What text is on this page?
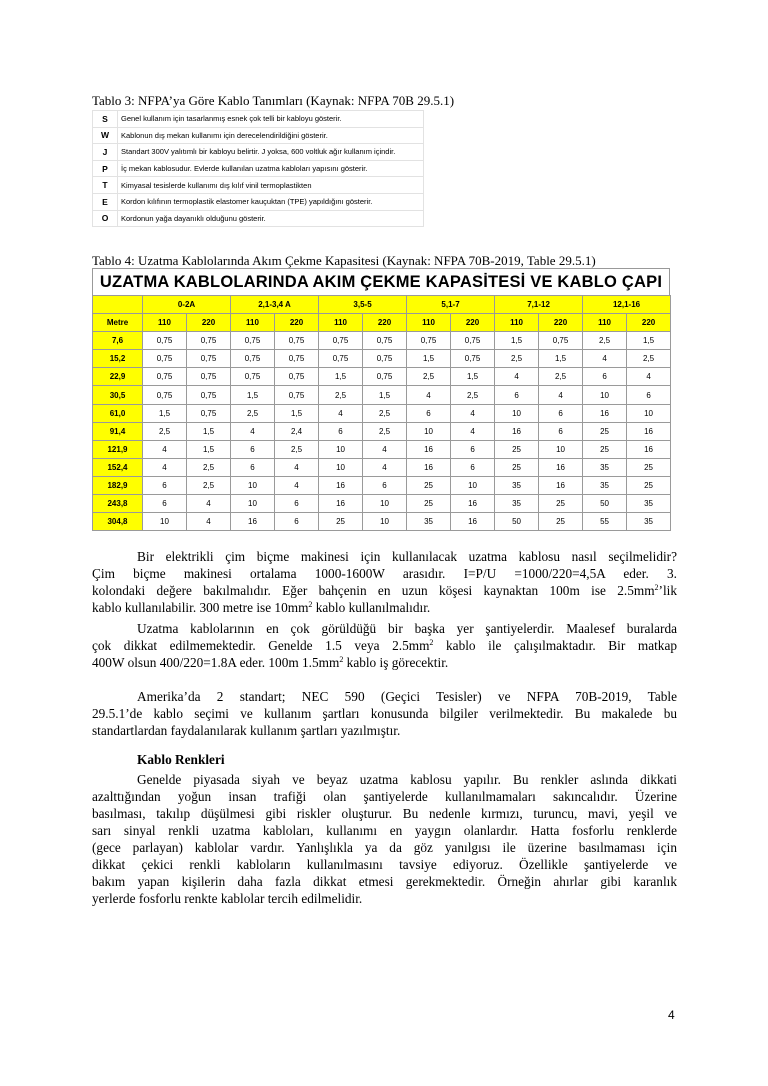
Tablo 3: NFPA’ya Göre Kablo Tanımları (Kaynak: NFPA 70B 29.5.1)
S	Genel kullanım için tasarlanmış esnek çok telli bir kabloyu gösterir.
W	Kablonun dış mekan kullanımı için derecelendirildiğini gösterir.
J	Standart 300V yalıtımlı bir kabloyu belirtir. J yoksa, 600 voltluk ağır kullanım içindir.
P	İç mekan kablosudur. Evlerde kullanılan uzatma kabloları yapısını gösterir.
T	Kimyasal tesislerde kullanımı dış kılıf vinil termoplastikten
E	Kordon kılıfının termoplastik elastomer kauçuktan (TPE) yapıldığını gösterir.
O	Kordonun yağa dayanıklı olduğunu gösterir.
Tablo 4: Uzatma Kablolarında Akım Çekme Kapasitesi (Kaynak: NFPA 70B-2019, Table 29.5.1)
UZATMA KABLOLARINDA AKIM ÇEKME KAPASİTESİ VE KABLO ÇAPI
	0-2A		2,1-3,4 A		3,5-5		5,1-7		7,1-12		12,1-16	
Metre	110	220	110	220	110	220	110	220	110	220	110	220
7,6	0,75	0,75	0,75	0,75	0,75	0,75	0,75	0,75	1,5	0,75	2,5	1,5
15,2	0,75	0,75	0,75	0,75	0,75	0,75	1,5	0,75	2,5	1,5	4	2,5
22,9	0,75	0,75	0,75	0,75	1,5	0,75	2,5	1,5	4	2,5	6	4
30,5	0,75	0,75	1,5	0,75	2,5	1,5	4	2,5	6	4	10	6
61,0	1,5	0,75	2,5	1,5	4	2,5	6	4	10	6	16	10
91,4	2,5	1,5	4	2,4	6	2,5	10	4	16	6	25	16
121,9	4	1,5	6	2,5	10	4	16	6	25	10	25	16
152,4	4	2,5	6	4	10	4	16	6	25	16	35	25
182,9	6	2,5	10	4	16	6	25	10	35	16	35	25
243,8	6	4	10	6	16	10	25	16	35	25	50	35
304,8	10	4	16	6	25	10	35	16	50	25	55	35

Bir elektrikli çim biçme makinesi için kullanılacak uzatma kablosu nasıl seçilmelidir?
Çim biçme makinesi ortalama 1000-1600W arasıdır. I=P/U =1000/220=4,5A eder. 3.
kolondaki değere bakılmalıdır. Eğer bahçenin en uzun köşesi kaynaktan 100m ise $2.5mm^2’lik$
kablo kullanılabilir. 300 metre ise $10mm^2$ kablo kullanılmalıdır.

Uzatma kablolarının en çok görüldüğü bir başka yer şantiyelerdir. Maalesef buralarda
çok dikkat edilmemektedir. Genelde 1.5 veya $2.5mm^2$ kablo ile çalışılmaktadır. Bir matkap
400W olsun 400/220=1.8A eder. 100m $1.5mm^2$ kablo iş görecektir.

Amerika’da 2 standart; NEC 590 (Geçici Tesisler) ve NFPA 70B-2019, Table
29.5.1’de kablo seçimi ve kullanım şartları konusunda bilgiler verilmektedir. Bu makalede bu
standartlardan faydalanılarak kullanım şartları yazılmıştır.

Kablo Renkleri

Genelde piyasada siyah ve beyaz uzatma kablosu yapılır. Bu renkler aslında dikkati
azalttığından yoğun insan trafiği olan şantiyelerde kullanılmamaları sakıncalıdır. Üzerine
basılması, takılıp düşülmesi gibi riskler oluşturur. Bu nedenle kırmızı, turuncu, mavi, yeşil ve
sarı sinyal renkli uzatma kabloları, kullanımı en yaygın olanlardır. Hatta fosforlu renklerde
(gece parlayan) kablolar vardır. Yanlışlıkla ya da göz yanılgısı ile üzerine basılmaması için
dikkat çekici renkli kabloların kullanılmasını tavsiye ediyoruz. Özellikle şantiyelerde ve
bakım yapan kişilerin daha fazla dikkat etmesi gerekmektedir. Örneğin ahırlar gibi karanlık
yerlerde fosforlu renkte kablolar tercih edilmelidir.

4
